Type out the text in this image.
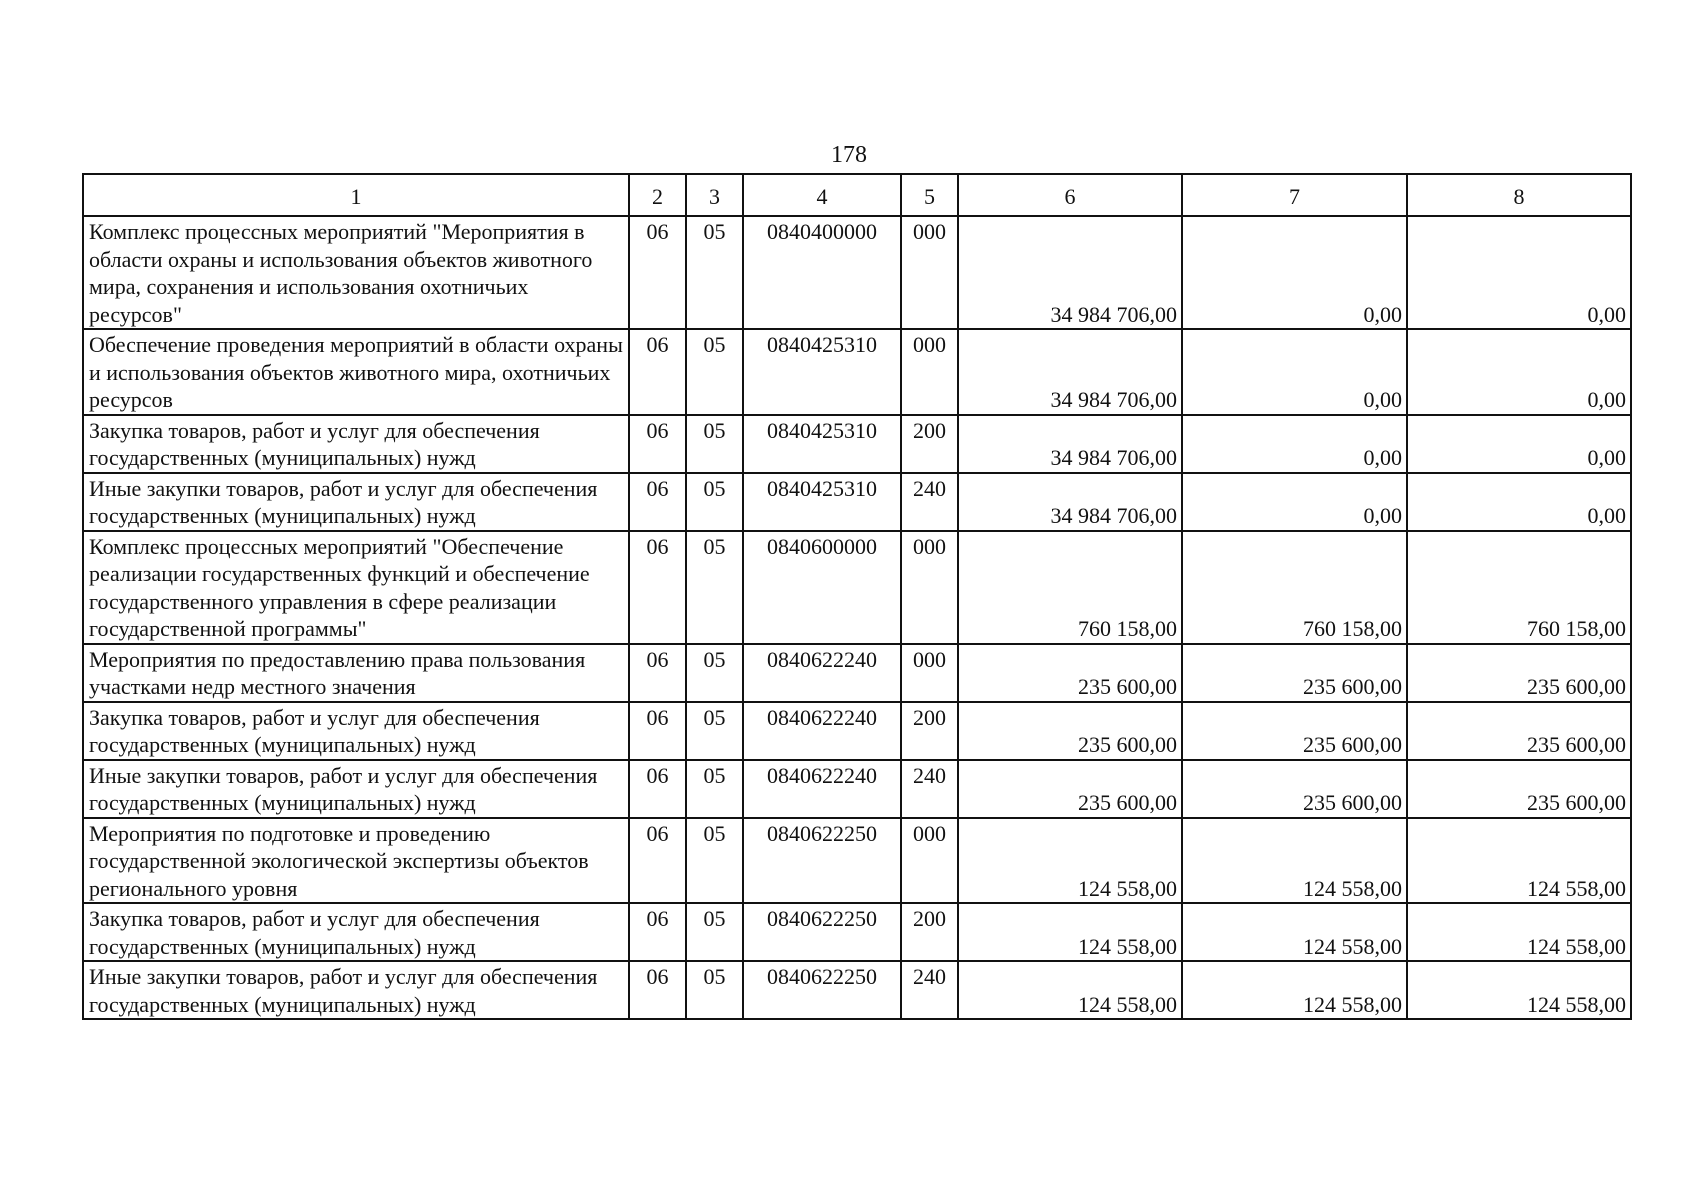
178
1	2	3	4	5	6	7	8
Комплекс процессных мероприятий "Мероприятия в области охраны и использования объектов животного мира, сохранения и использования охотничьих ресурсов"	06	05	0840400000	000	34 984 706,00	0,00	0,00
Обеспечение проведения мероприятий в области охраны и использования объектов животного мира, охотничьих ресурсов	06	05	0840425310	000	34 984 706,00	0,00	0,00
Закупка товаров, работ и услуг для обеспечения государственных (муниципальных) нужд	06	05	0840425310	200	34 984 706,00	0,00	0,00
Иные закупки товаров, работ и услуг для обеспечения государственных (муниципальных) нужд	06	05	0840425310	240	34 984 706,00	0,00	0,00
Комплекс процессных мероприятий "Обеспечение реализации государственных функций и обеспечение государственного управления в сфере реализации государственной программы"	06	05	0840600000	000	760 158,00	760 158,00	760 158,00
Мероприятия по предоставлению права пользования участками недр местного значения	06	05	0840622240	000	235 600,00	235 600,00	235 600,00
Закупка товаров, работ и услуг для обеспечения государственных (муниципальных) нужд	06	05	0840622240	200	235 600,00	235 600,00	235 600,00
Иные закупки товаров, работ и услуг для обеспечения государственных (муниципальных) нужд	06	05	0840622240	240	235 600,00	235 600,00	235 600,00
Мероприятия по подготовке и проведению государственной экологической экспертизы объектов регионального уровня	06	05	0840622250	000	124 558,00	124 558,00	124 558,00
Закупка товаров, работ и услуг для обеспечения государственных (муниципальных) нужд	06	05	0840622250	200	124 558,00	124 558,00	124 558,00
Иные закупки товаров, работ и услуг для обеспечения государственных (муниципальных) нужд	06	05	0840622250	240	124 558,00	124 558,00	124 558,00
